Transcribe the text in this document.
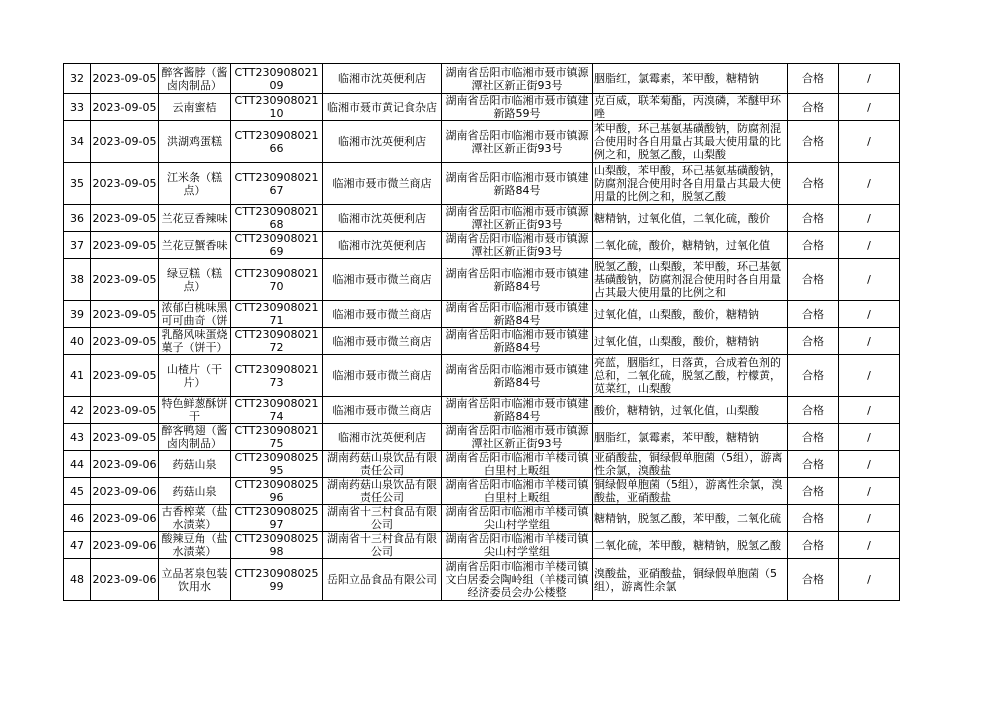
32	2023-09-05	醉客酱脖（酱卤肉制品）	CTT23090802109	临湘市沈英便利店	湖南省岳阳市临湘市聂市镇源潭社区新正街93号	胭脂红，氯霉素，苯甲酸，糖精钠	合格	/

33	2023-09-05	云南蜜桔	CTT23090802110	临湘市聂市黄记食杂店	湖南省岳阳市临湘市聂市镇建新路59号	克百威，联苯菊酯，丙溴磷，苯醚甲环唑	合格	/

34	2023-09-05	洪湖鸡蛋糕	CTT23090802166	临湘市沈英便利店	湖南省岳阳市临湘市聂市镇源潭社区新正街93号	苯甲酸，环己基氨基磺酸钠，防腐剂混合使用时各自用量占其最大使用量的比例之和，脱氢乙酸，山梨酸	合格	/

35	2023-09-05	江米条（糕点）	CTT23090802167	临湘市聂市微兰商店	湖南省岳阳市临湘市聂市镇建新路84号	山梨酸，苯甲酸，环己基氨基磺酸钠，防腐剂混合使用时各自用量占其最大使用量的比例之和，脱氢乙酸	合格	/

36	2023-09-05	兰花豆香辣味	CTT23090802168	临湘市沈英便利店	湖南省岳阳市临湘市聂市镇源潭社区新正街93号	糖精钠，过氧化值，二氧化硫，酸价	合格	/

37	2023-09-05	兰花豆蟹香味	CTT23090802169	临湘市沈英便利店	湖南省岳阳市临湘市聂市镇源潭社区新正街93号	二氧化硫，酸价，糖精钠，过氧化值	合格	/

38	2023-09-05	绿豆糕（糕点）	CTT23090802170	临湘市聂市微兰商店	湖南省岳阳市临湘市聂市镇建新路84号	脱氢乙酸，山梨酸，苯甲酸，环己基氨基磺酸钠，防腐剂混合使用时各自用量占其最大使用量的比例之和	合格	/

39	2023-09-05	浓郁白桃味黑可可曲奇（饼	CTT23090802171	临湘市聂市微兰商店	湖南省岳阳市临湘市聂市镇建新路84号	过氧化值，山梨酸，酸价，糖精钠	合格	/

40	2023-09-05	乳酪风味蛋烧菓子（饼干）	CTT23090802172	临湘市聂市微兰商店	湖南省岳阳市临湘市聂市镇建新路84号	过氧化值，山梨酸，酸价，糖精钠	合格	/

41	2023-09-05	山楂片（干片）	CTT23090802173	临湘市聂市微兰商店	湖南省岳阳市临湘市聂市镇建新路84号	亮蓝，胭脂红，日落黄，合成着色剂的总和，二氧化硫，脱氢乙酸，柠檬黄，苋菜红，山梨酸	合格	/

42	2023-09-05	特色鲜葱酥饼干	CTT23090802174	临湘市聂市微兰商店	湖南省岳阳市临湘市聂市镇建新路84号	酸价，糖精钠，过氧化值，山梨酸	合格	/

43	2023-09-05	醉客鸭翅（酱卤肉制品）	CTT23090802175	临湘市沈英便利店	湖南省岳阳市临湘市聂市镇源潭社区新正街93号	胭脂红，氯霉素，苯甲酸，糖精钠	合格	/

44	2023-09-06	药菇山泉	CTT23090802595	湖南药菇山泉饮品有限责任公司	湖南省岳阳市临湘市羊楼司镇白里村上畈组	亚硝酸盐，铜绿假单胞菌（5组），游离性余氯，溴酸盐	合格	/

45	2023-09-06	药菇山泉	CTT23090802596	湖南药菇山泉饮品有限责任公司	湖南省岳阳市临湘市羊楼司镇白里村上畈组	铜绿假单胞菌（5组），游离性余氯，溴酸盐，亚硝酸盐	合格	/

46	2023-09-06	古香榨菜（盐水渍菜）	CTT23090802597	湖南省十三村食品有限公司	湖南省岳阳市临湘市羊楼司镇尖山村学堂组	糖精钠，脱氢乙酸，苯甲酸，二氧化硫	合格	/

47	2023-09-06	酸辣豆角（盐水渍菜）	CTT23090802598	湖南省十三村食品有限公司	湖南省岳阳市临湘市羊楼司镇尖山村学堂组	二氧化硫，苯甲酸，糖精钠，脱氢乙酸	合格	/

48	2023-09-06	立品茗泉包装饮用水	CTT23090802599	岳阳立品食品有限公司	湖南省岳阳市临湘市羊楼司镇文白居委会陶岭组（羊楼司镇经济委员会办公楼整	溴酸盐，亚硝酸盐，铜绿假单胞菌（5组），游离性余氯	合格	/
